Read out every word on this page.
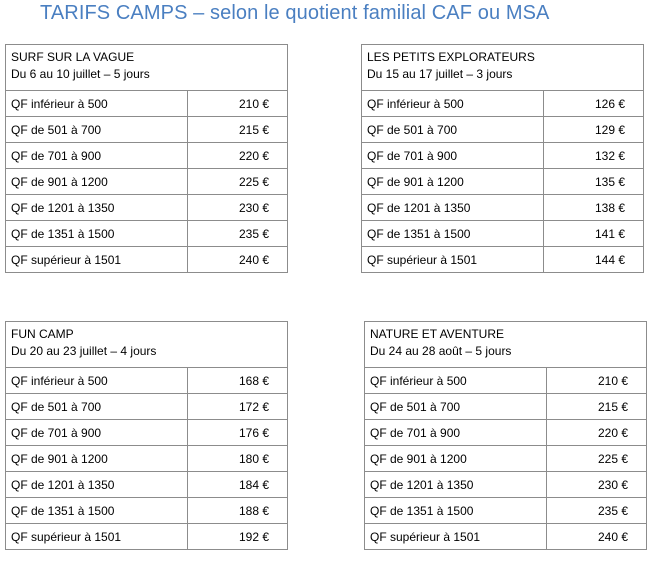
TARIFS CAMPS – selon le quotient familial CAF ou MSA
SURF SUR LA VAGUE
Du 6 au 10 juillet – 5 jours	

QF inférieur à 500	210 €
QF de 501 à 700	215 €
QF de 701 à 900	220 €
QF de 901 à 1200	225 €
QF de 1201 à 1350	230 €
QF de 1351 à 1500	235 €
QF supérieur à 1501	240 €
LES PETITS EXPLORATEURS
Du 15 au 17 juillet – 3 jours	

QF inférieur à 500	126 €
QF de 501 à 700	129 €
QF de 701 à 900	132 €
QF de 901 à 1200	135 €
QF de 1201 à 1350	138 €
QF de 1351 à 1500	141 €
QF supérieur à 1501	144 €
FUN CAMP
Du 20 au 23 juillet – 4 jours	

QF inférieur à 500	168 €
QF de 501 à 700	172 €
QF de 701 à 900	176 €
QF de 901 à 1200	180 €
QF de 1201 à 1350	184 €
QF de 1351 à 1500	188 €
QF supérieur à 1501	192 €
NATURE ET AVENTURE
Du 24 au 28 août – 5 jours	

QF inférieur à 500	210 €
QF de 501 à 700	215 €
QF de 701 à 900	220 €
QF de 901 à 1200	225 €
QF de 1201 à 1350	230 €
QF de 1351 à 1500	235 €
QF supérieur à 1501	240 €
